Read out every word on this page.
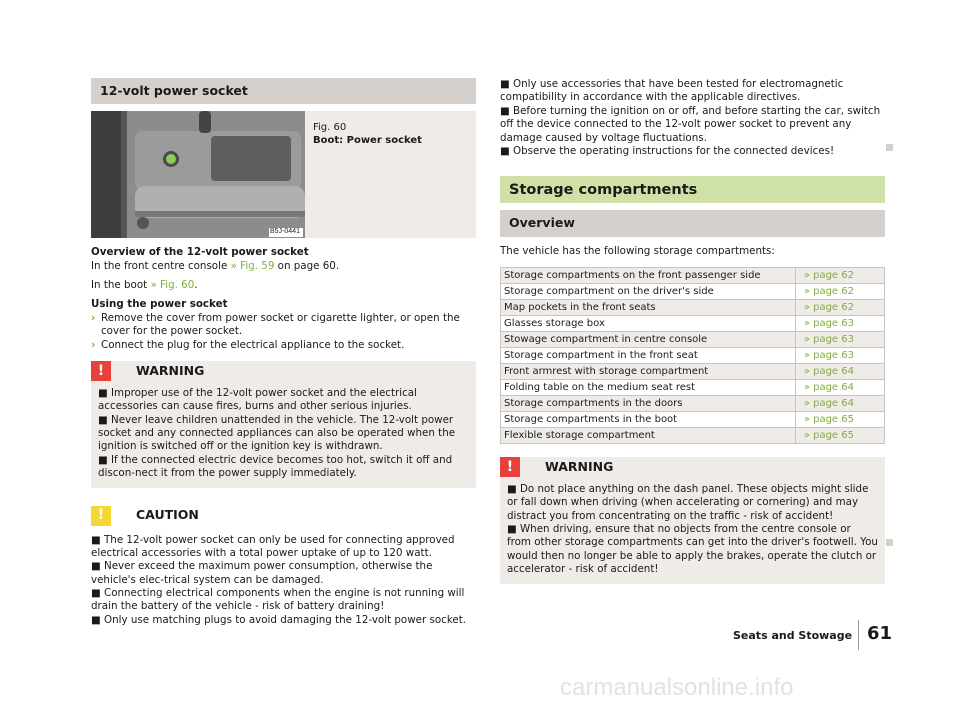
12-volt power socket
B5J-0441
Fig. 60
Boot: Power socket
Overview of the 12-volt power socket
In the front centre console » Fig. 59 on page 60.
In the boot » Fig. 60.
Using the power socket
› Remove the cover from power socket or cigarette lighter, or open the cover for the power socket.
› Connect the plug for the electrical appliance to the socket.
!	WARNING
■ Improper use of the 12-volt power socket and the electrical accessories can cause fires, burns and other serious injuries.
■ Never leave children unattended in the vehicle. The 12-volt power socket and any connected appliances can also be operated when the ignition is switched off or the ignition key is withdrawn.
■ If the connected electric device becomes too hot, switch it off and discon-nect it from the power supply immediately.
!	CAUTION
■ The 12-volt power socket can only be used for connecting approved electrical accessories with a total power uptake of up to 120 watt.
■ Never exceed the maximum power consumption, otherwise the vehicle's elec-trical system can be damaged.
■ Connecting electrical components when the engine is not running will drain the battery of the vehicle - risk of battery draining!
■ Only use matching plugs to avoid damaging the 12-volt power socket.
■ Only use accessories that have been tested for electromagnetic compatibility in accordance with the applicable directives.
■ Before turning the ignition on or off, and before starting the car, switch off the device connected to the 12-volt power socket to prevent any damage caused by voltage fluctuations.
■ Observe the operating instructions for the connected devices!
Storage compartments
Overview
The vehicle has the following storage compartments:
Storage compartments on the front passenger side	» page 62
Storage compartment on the driver's side	» page 62
Map pockets in the front seats	» page 62
Glasses storage box	» page 63
Stowage compartment in centre console	» page 63
Storage compartment in the front seat	» page 63
Front armrest with storage compartment	» page 64
Folding table on the medium seat rest	» page 64
Storage compartments in the doors	» page 64
Storage compartments in the boot	» page 65
Flexible storage compartment	» page 65
!	WARNING
■ Do not place anything on the dash panel. These objects might slide or fall down when driving (when accelerating or cornering) and may distract you from concentrating on the traffic - risk of accident!
■ When driving, ensure that no objects from the centre console or from other storage compartments can get into the driver's footwell. You would then no longer be able to apply the brakes, operate the clutch or accelerator - risk of accident!
Seats and Stowage 61
carmanualsonline.info
